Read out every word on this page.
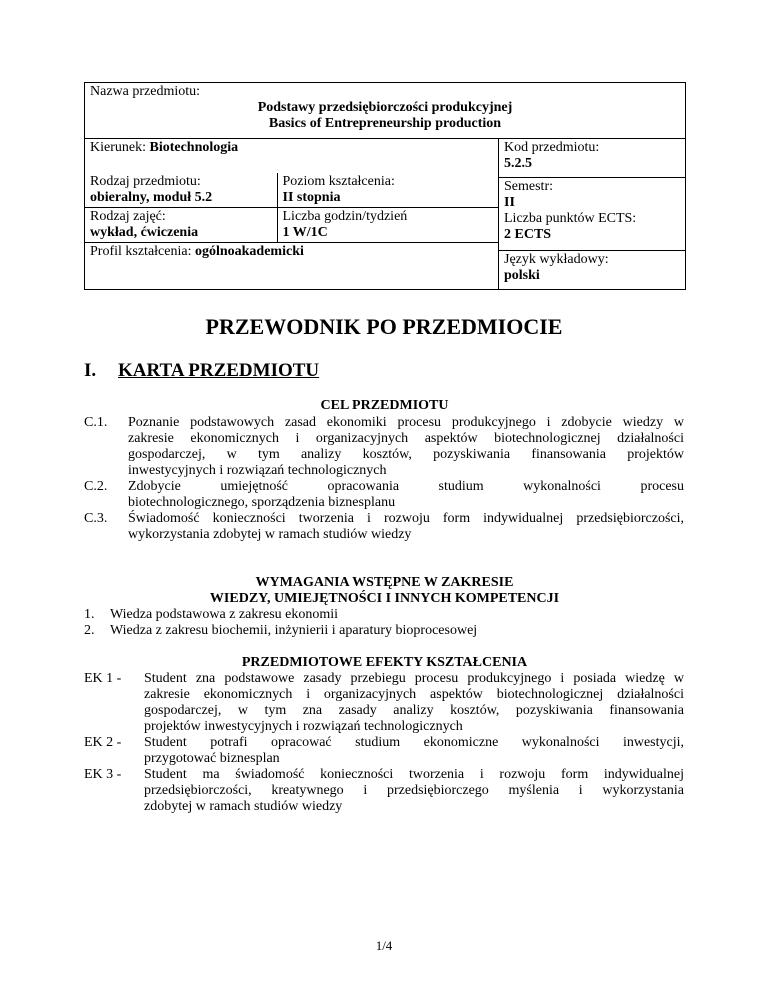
Nazwa przedmiotu:
Podstawy przedsiębiorczości produkcyjnej
Basics of Entrepreneurship production

Kierunek: Biotechnologia
Rodzaj przedmiotu:
obieralny, moduł 5.2

Poziom kształcenia:
II stopnia

Rodzaj zajęć:
wykład, ćwiczenia

Liczba godzin/tydzień
1 W/1C

Profil kształcenia: ogólnoakademicki

Kod przedmiotu:
5.2.5

Semestr:
II
Liczba punktów ECTS:
2 ECTS

Język wykładowy:
polski
PRZEWODNIK PO PRZEDMIOCIE
I. KARTA PRZEDMIOTU
CEL PRZEDMIOTU
C.1. Poznanie podstawowych zasad ekonomiki procesu produkcyjnego i zdobycie wiedzy w
zakresie ekonomicznych i organizacyjnych aspektów biotechnologicznej działalności
gospodarczej, w tym analizy kosztów, pozyskiwania finansowania projektów
inwestycyjnych i rozwiązań technologicznych
C.2. Zdobycie umiejętność opracowania studium wykonalności procesu
biotechnologicznego, sporządzenia biznesplanu
C.3. Świadomość konieczności tworzenia i rozwoju form indywidualnej przedsiębiorczości,
wykorzystania zdobytej w ramach studiów wiedzy
WYMAGANIA WSTĘPNE W ZAKRESIE
WIEDZY, UMIEJĘTNOŚCI I INNYCH KOMPETENCJI
1. Wiedza podstawowa z zakresu ekonomii
2. Wiedza z zakresu biochemii, inżynierii i aparatury bioprocesowej
PRZEDMIOTOWE EFEKTY KSZTAŁCENIA
EK 1 - Student zna podstawowe zasady przebiegu procesu produkcyjnego i posiada wiedzę w
zakresie ekonomicznych i organizacyjnych aspektów biotechnologicznej działalności
gospodarczej, w tym zna zasady analizy kosztów, pozyskiwania finansowania
projektów inwestycyjnych i rozwiązań technologicznych
EK 2 - Student potrafi opracować studium ekonomiczne wykonalności inwestycji,
przygotować biznesplan
EK 3 - Student ma świadomość konieczności tworzenia i rozwoju form indywidualnej
przedsiębiorczości, kreatywnego i przedsiębiorczego myślenia i wykorzystania
zdobytej w ramach studiów wiedzy
1/4
